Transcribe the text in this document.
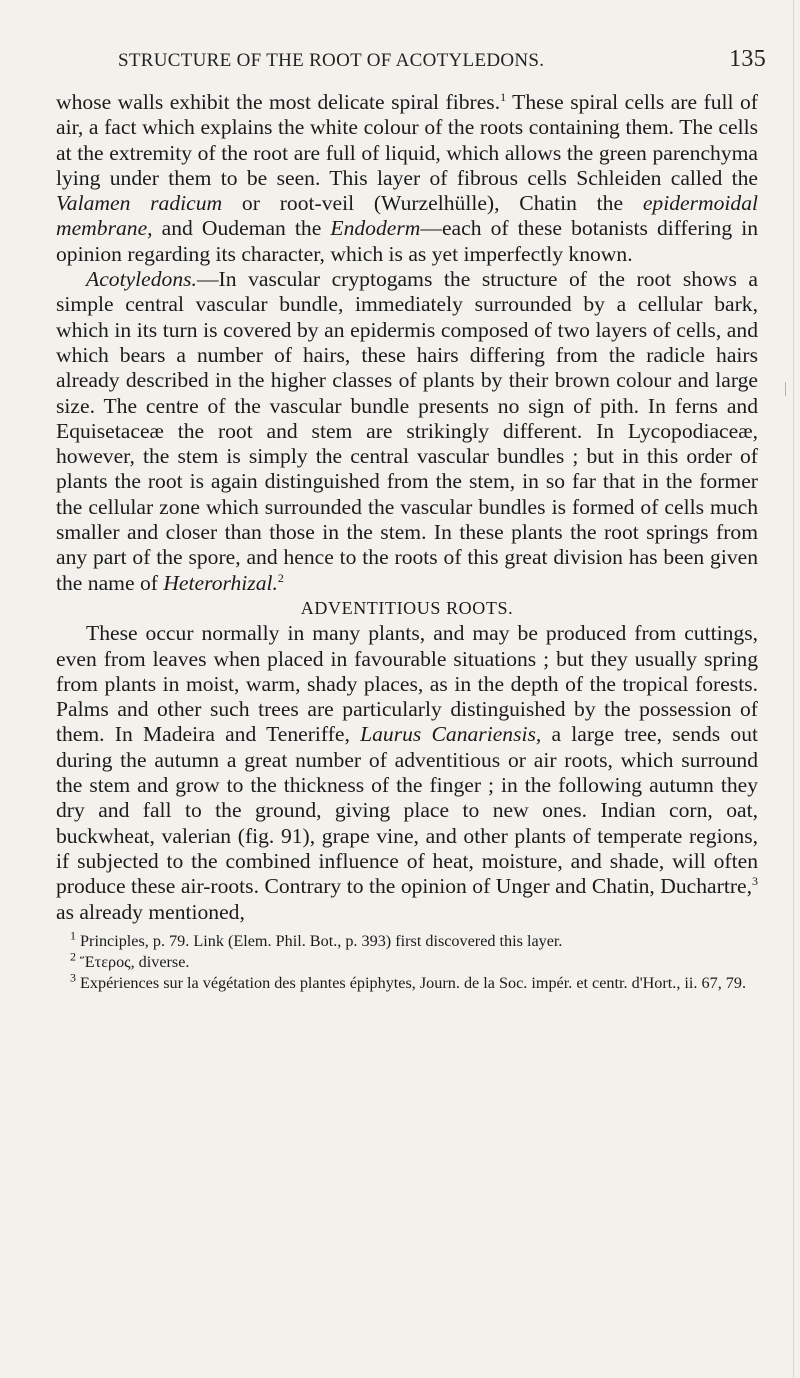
STRUCTURE OF THE ROOT OF ACOTYLEDONS.	135

whose walls exhibit the most delicate spiral fibres.$^1$ These spiral cells are full of air, a fact which explains the white colour of the roots containing them. The cells at the extremity of the root are full of liquid, which allows the green parenchyma lying under them to be seen. This layer of fibrous cells Schleiden called the Valamen radicum or root-veil (Wurzelhülle), Chatin the epidermoidal membrane, and Oudeman the Endoderm—each of these botanists differing in opinion regarding its character, which is as yet imperfectly known.

Acotyledons.—In vascular cryptogams the structure of the root shows a simple central vascular bundle, immediately surrounded by a cellular bark, which in its turn is covered by an epidermis composed of two layers of cells, and which bears a number of hairs, these hairs differing from the radicle hairs already described in the higher classes of plants by their brown colour and large size. The centre of the vascular bundle presents no sign of pith. In ferns and Equisetaceæ the root and stem are strikingly different. In Lycopodiaceæ, however, the stem is simply the central vascular bundles ; but in this order of plants the root is again distinguished from the stem, in so far that in the former the cellular zone which surrounded the vascular bundles is formed of cells much smaller and closer than those in the stem. In these plants the root springs from any part of the spore, and hence to the roots of this great division has been given the name of Heterorhizal.$^2$

ADVENTITIOUS ROOTS.

These occur normally in many plants, and may be produced from cuttings, even from leaves when placed in favourable situations ; but they usually spring from plants in moist, warm, shady places, as in the depth of the tropical forests. Palms and other such trees are particularly distinguished by the possession of them. In Madeira and Teneriffe, Laurus Canariensis, a large tree, sends out during the autumn a great number of adventitious or air roots, which surround the stem and grow to the thickness of the finger ; in the following autumn they dry and fall to the ground, giving place to new ones. Indian corn, oat, buckwheat, valerian (fig. 91), grape vine, and other plants of temperate regions, if subjected to the combined influence of heat, moisture, and shade, will often produce these air-roots. Contrary to the opinion of Unger and Chatin, Duchartre,$^3$ as already mentioned,

$^1$ Principles, p. 79. Link (Elem. Phil. Bot., p. 393) first discovered this layer.

$^2$ Ἕτερος, diverse.

$^3$ Expériences sur la végétation des plantes épiphytes, Journ. de la Soc. impér. et centr. d'Hort., ii. 67, 79.
